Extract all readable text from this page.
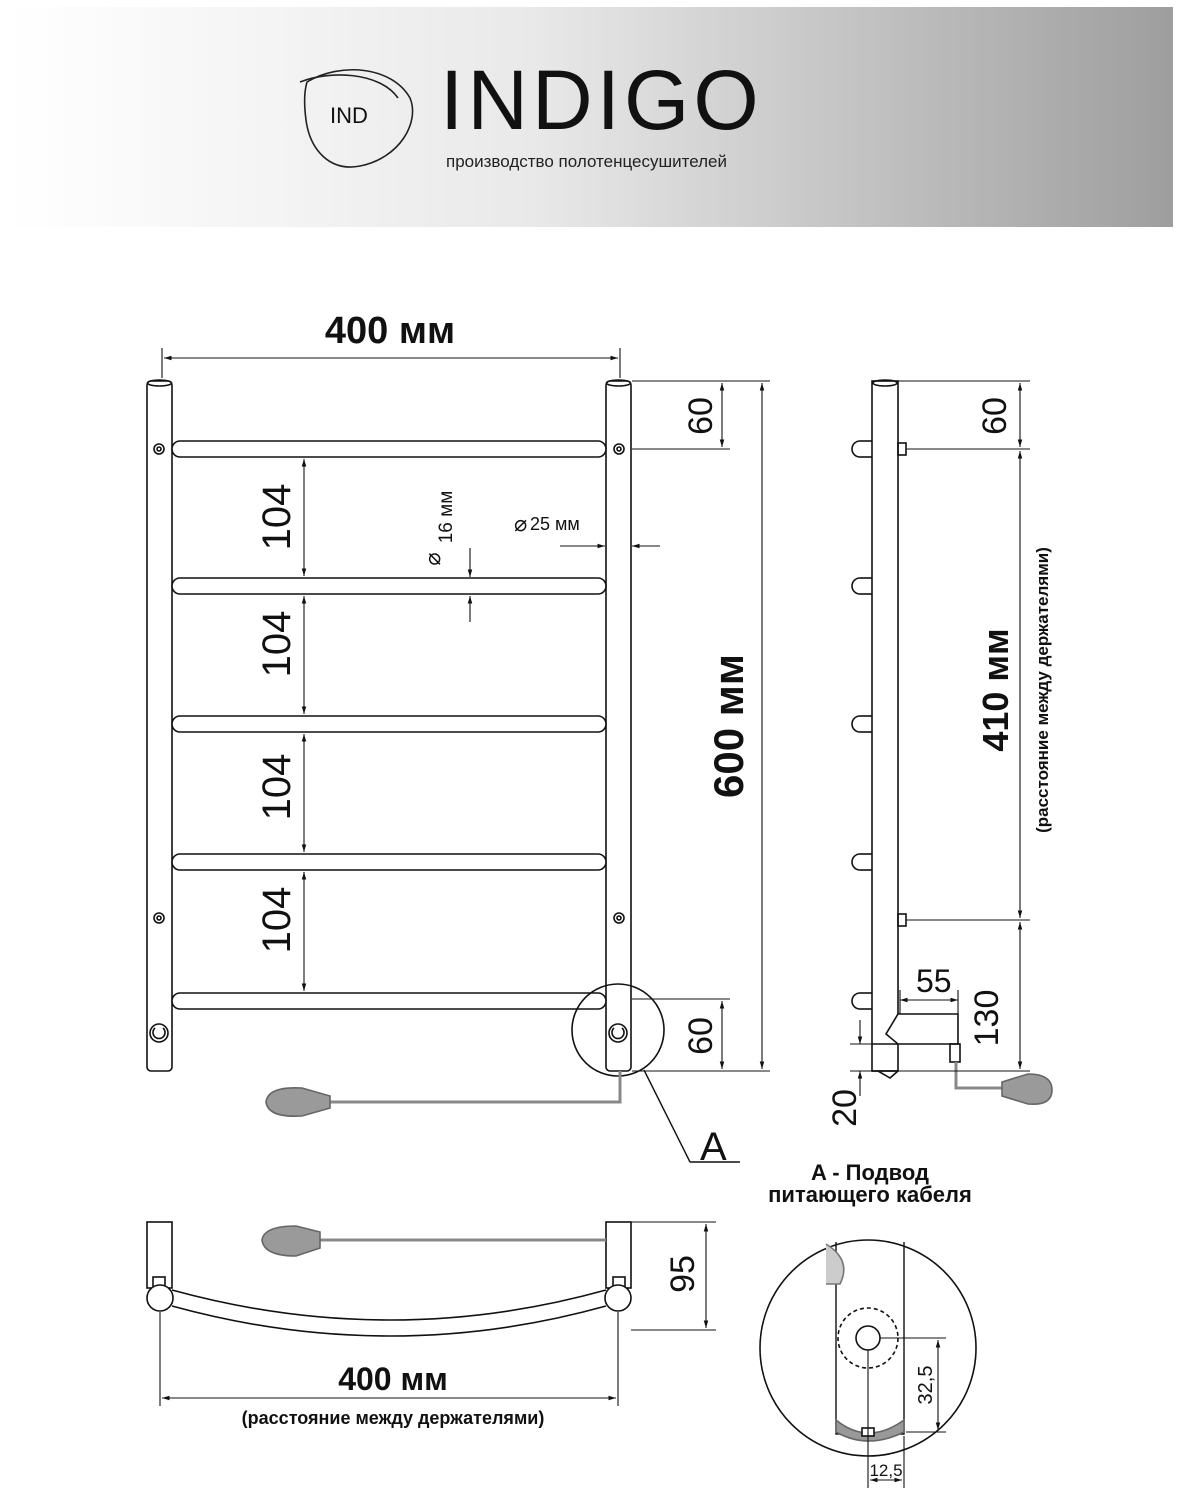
INDIGO
производство полотенцесушителей
IND
400 мм
600 мм
60
60
104
104
104
104
16 мм
⌀
⌀ 25 мм
A
60
410 мм (расстояние между держателями)
55
130
20
95
400 мм
(расстояние между держателями)
A - Подвод
питающего кабеля
32,5
12,5
